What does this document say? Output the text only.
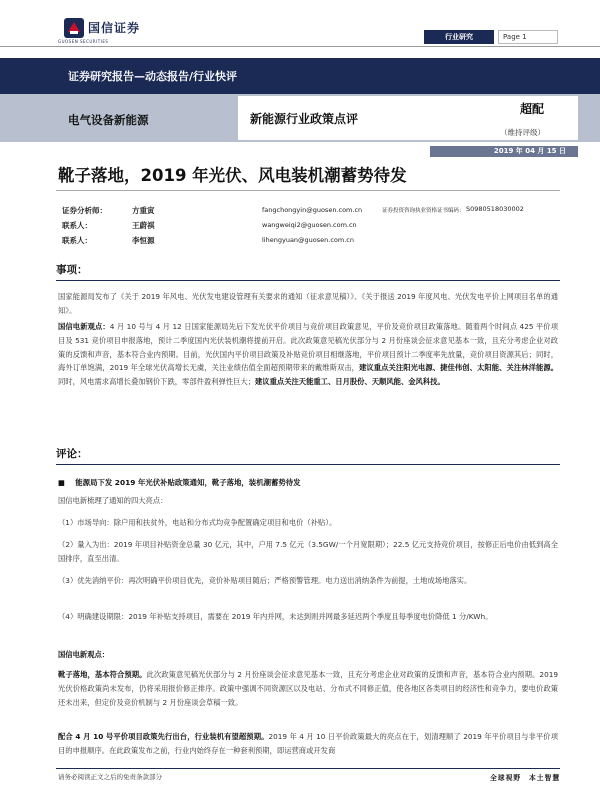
国信证券
GUOSEN SECURITIES
行业研究	Page 1
证券研究报告—动态报告/行业快评
电气设备新能源	新能源行业政策点评
超配
（维持评级）
2019 年 04 月 15 日
靴子落地，2019 年光伏、风电装机潮蓄势待发
证券分析师：	方重寅	fangchongyin@guosen.com.cn
联系人：	王蔚祺	wangweiqi2@guosen.com.cn
联系人：	李恒源	lihengyuan@guosen.com.cn
证券投资咨询执业资格证书编码： S0980518030002
事项：
国家能源局发布了《关于 2019 年风电、光伏发电建设管理有关要求的通知（征求意见稿）》、《关于报送 2019 年度风电、光伏发电平价上网项目名单的通知》。
国信电新观点：4 月 10 号与 4 月 12 日国家能源局先后下发光伏平价项目与竞价项目政策意见，平价及竞价项目政策落地。随着两个时间点 425 平价项目及 531 竞价项目申报落地，预计二季度国内光伏装机潮将提前开启。此次政策意见稿光伏部分与 2 月份座谈会征求意见基本一致，且充分考虑企业对政策的反馈和声音，基本符合业内预期。目前，光伏国内平价项目政策及补贴竞价项目相继落地，平价项目预计二季度率先放量，竞价项目资源其后；同时，海外订单饱满，2019 年全球光伏高增长无虞，关注业绩估值全面超预期带来的戴维斯双击，建议重点关注阳光电源、捷佳伟创、太阳能、关注林洋能源。同时，风电需求高增长叠加钢价下跌，零部件盈利弹性巨大；建议重点关注天能重工、日月股份、天顺风能、金风科技。
评论：
■ 能源局下发 2019 年光伏补贴政策通知，靴子落地，装机潮蓄势待发
国信电新梳理了通知的四大亮点：
（1）市场导向：除户用和扶贫外，电站和分布式均竞争配置确定项目和电价（补贴）。
（2）量入为出：2019 年项目补贴资金总量 30 亿元，其中，户用 7.5 亿元（3.5GW/一个月宽限期）；22.5 亿元支持竞价项目，按修正后电价由低到高全国排序，直至出清。
（3）优先消纳平价：再次明确平价项目优先，竞价补贴项目随后；严格预警管理。电力送出消纳条件为前提，土地成场地落实。
（4）明确建设期限：2019 年补贴支持项目，需要在 2019 年内并网，未达到则并网最多延迟两个季度且每季度电价降低 1 分/KWh。
国信电新观点：
靴子落地，基本符合预期。此次政策意见稿光伏部分与 2 月份座谈会征求意见基本一致，且充分考虑企业对政策的反馈和声音，基本符合业内预期。2019 光伏价格政策尚未发布，仍将采用报价修正排序。政策中强调不同资源区以及电站、分布式不同修正值，使各地区各类项目的经济性和竞争力，要电价政策还未出来，但定价及竞价机制与 2 月份座谈会草稿一致。
配合 4 月 10 号平价项目政策先行出台，行业装机有望超预期。2019 年 4 月 10 日平价政策最大的亮点在于，划清理顺了 2019 年平价项目与非平价项目的申报顺序。在此政策发布之前，行业内始终存在一种套利预期，即运营商或开发商
请务必阅读正文之后的免责条款部分	全球视野　本土智慧
